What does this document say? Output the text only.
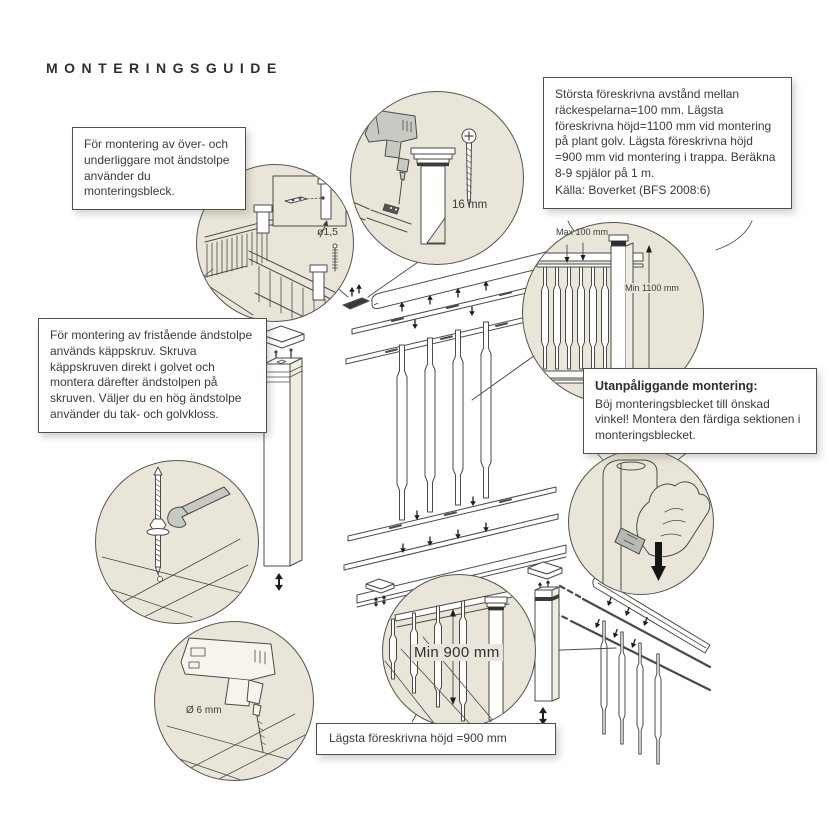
MONTERINGSGUIDE
ø1,5
16 mm
Max 100 mm
Min 1100 mm
Min 900 mm
Ø 6 mm
För montering av över- och underliggare mot ändstolpe använder du monteringsbleck.
Största föreskrivna avstånd mellan räckespelarna=100 mm. Lägsta föreskrivna höjd=1100 mm vid montering på plant golv. Lägsta föreskrivna höjd =900 mm vid montering i trappa. Beräkna 8-9 spjälor på 1 m.
Källa: Boverket (BFS 2008:6)
För montering av fristående ändstolpe används käppskruv. Skruva käppskruven direkt i golvet och montera därefter ändstolpen på skruven. Väljer du en hög ändstolpe använder du tak- och golvkloss.
Utanpåliggande montering:
Böj monteringsblecket till önskad vinkel! Montera den färdiga sektionen i monteringsblecket.
Lägsta föreskrivna höjd =900 mm
